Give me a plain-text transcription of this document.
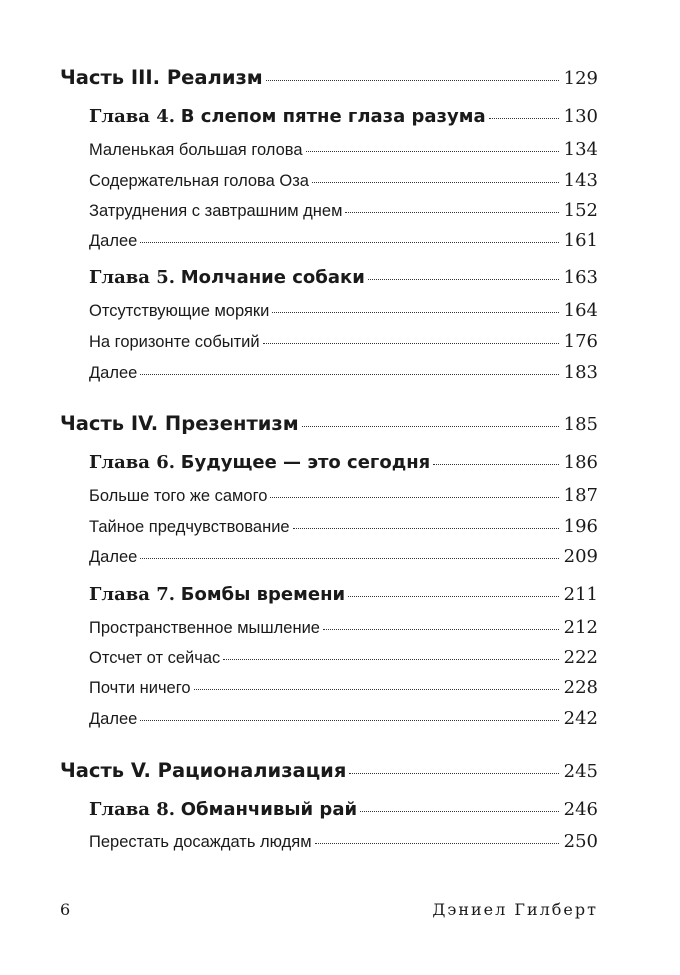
Часть III. Реализм	129
Глава 4. В слепом пятне глаза разума	130
Маленькая большая голова	134
Содержательная голова Оза	143
Затруднения с завтрашним днем	152
Далее	161
Глава 5. Молчание собаки	163
Отсутствующие моряки	164
На горизонте событий	176
Далее	183
Часть IV. Презентизм	185
Глава 6. Будущее — это сегодня	186
Больше того же самого	187
Тайное предчувствование	196
Далее	209
Глава 7. Бомбы времени	211
Пространственное мышление	212
Отсчет от сейчас	222
Почти ничего	228
Далее	242
Часть V. Рационализация	245
Глава 8. Обманчивый рай	246
Перестать досаждать людям	250
6	Дэниел Гилберт
